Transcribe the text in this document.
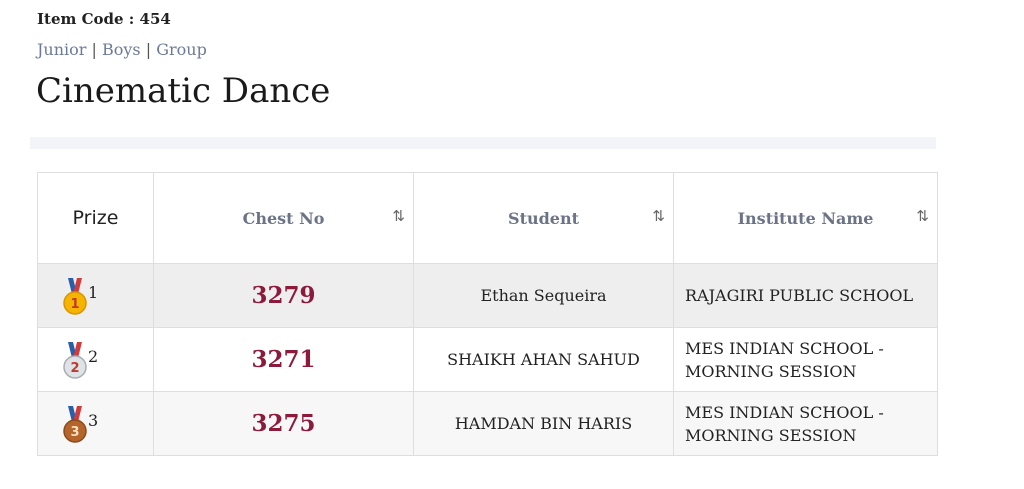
Item Code : 454
Junior | Boys | Group
Cinematic Dance
Prize	Chest No ⇅	Student ⇅	Institute Name ⇅

1
1	3279	Ethan Sequeira	RAJAGIRI PUBLIC SCHOOL

2
2	3271	SHAIKH AHAN SAHUD	MES INDIAN SCHOOL - MORNING SESSION

3
3	3275	HAMDAN BIN HARIS	MES INDIAN SCHOOL - MORNING SESSION
